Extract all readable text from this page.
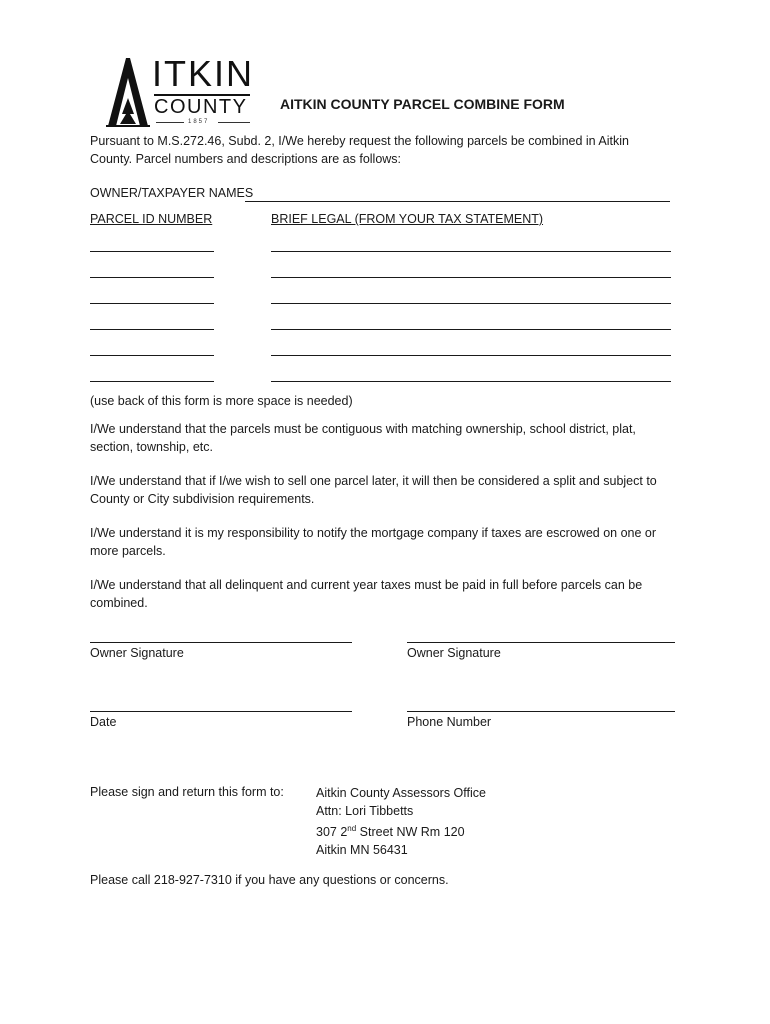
ITKIN
COUNTY
1857
AITKIN COUNTY PARCEL COMBINE FORM
Pursuant to M.S.272.46, Subd. 2, I/We hereby request the following parcels be combined in Aitkin
County. Parcel numbers and descriptions are as follows:
OWNER/TAXPAYER NAMES
PARCEL ID NUMBER	BRIEF LEGAL (FROM YOUR TAX STATEMENT)
(use back of this form is more space is needed)
I/We understand that the parcels must be contiguous with matching ownership, school district, plat,
section, township, etc.
I/We understand that if I/we wish to sell one parcel later, it will then be considered a split and subject to
County or City subdivision requirements.
I/We understand it is my responsibility to notify the mortgage company if taxes are escrowed on one or
more parcels.
I/We understand that all delinquent and current year taxes must be paid in full before parcels can be
combined.
Owner Signature	Owner Signature
Date	Phone Number
Please sign and return this form to:	Aitkin County Assessors Office
Attn: Lori Tibbetts
307 2nd Street NW Rm 120
Aitkin MN 56431
Please call 218-927-7310 if you have any questions or concerns.
